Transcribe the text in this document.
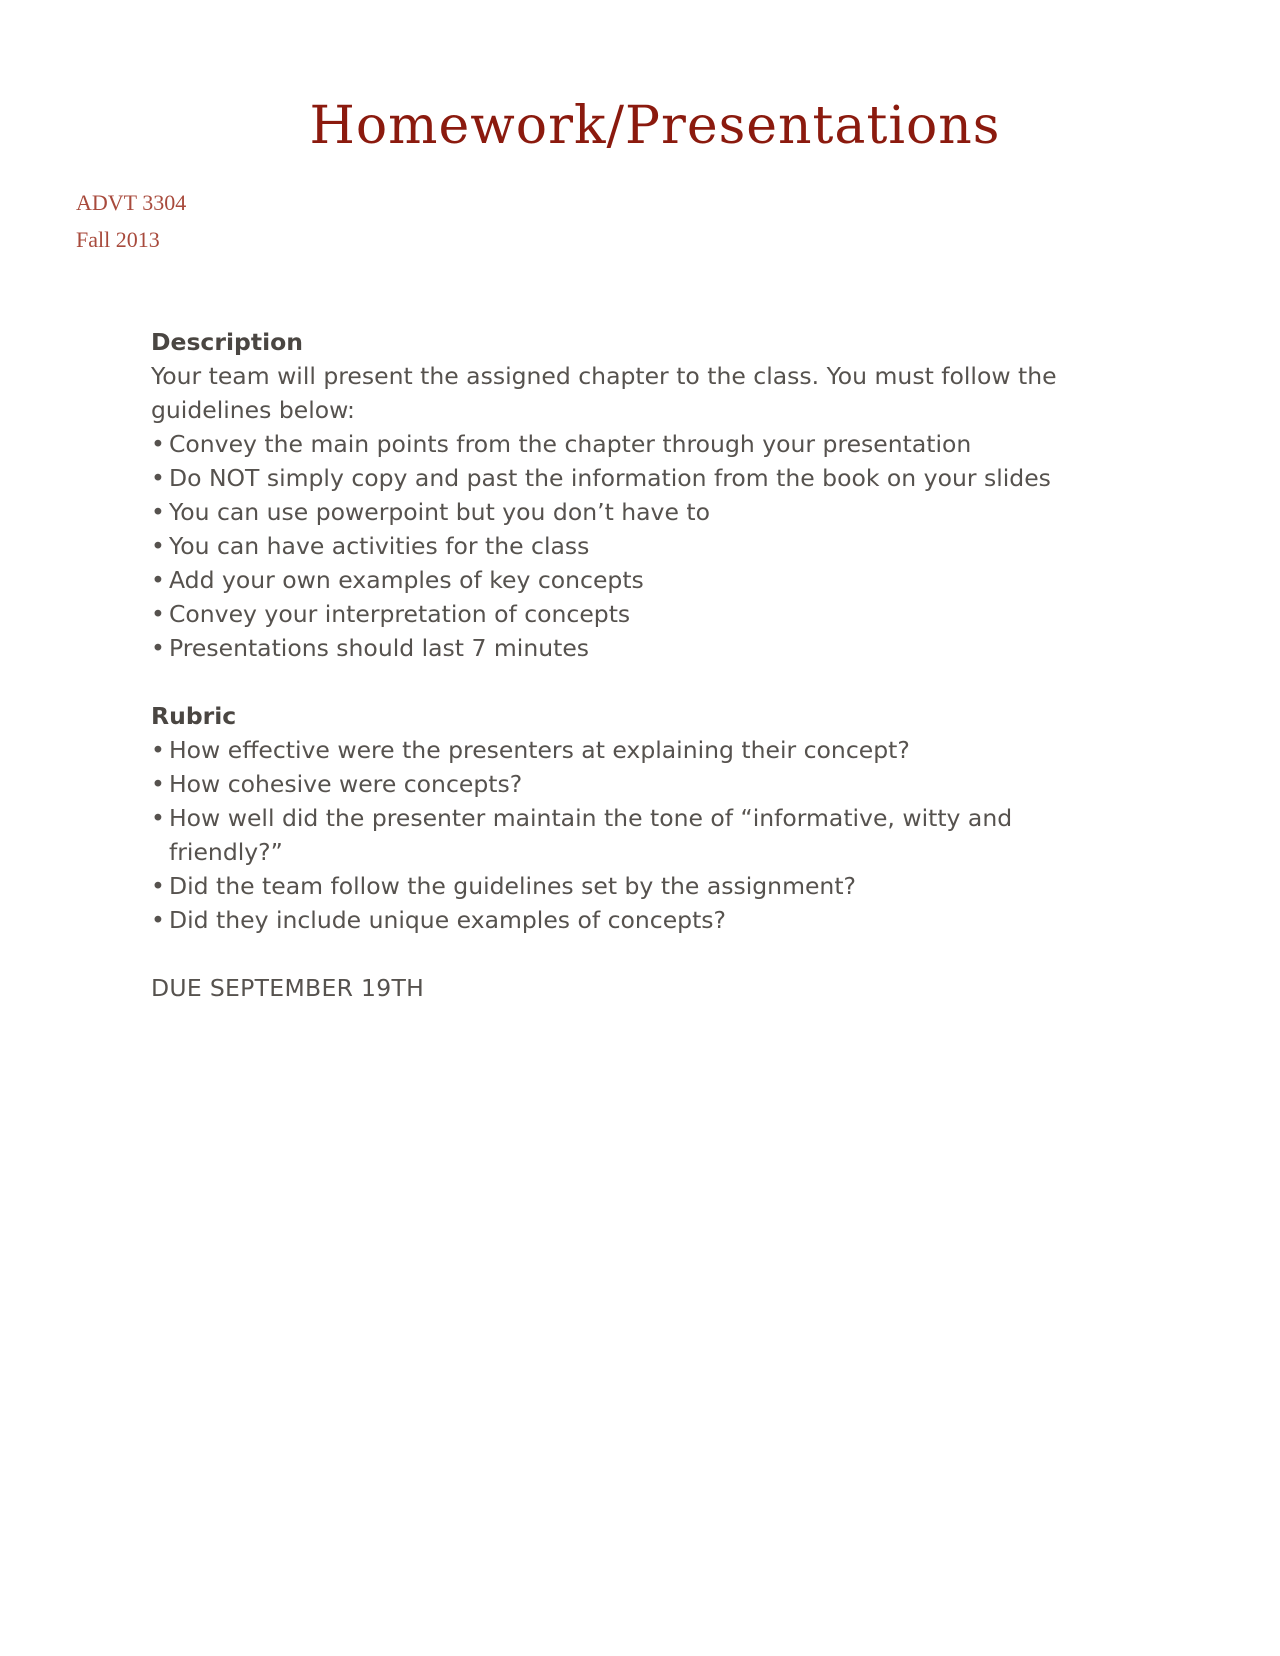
Homework/Presentations
ADVT 3304
Fall 2013
Description

Your team will present the assigned chapter to the class. You must follow the guidelines below:

• Convey the main points from the chapter through your presentation
• Do NOT simply copy and past the information from the book on your slides
• You can use powerpoint but you don’t have to
• You can have activities for the class
• Add your own examples of key concepts
• Convey your interpretation of concepts
• Presentations should last 7 minutes
Rubric
• How effective were the presenters at explaining their concept?
• How cohesive were concepts?
• How well did the presenter maintain the tone of “informative, witty and friendly?”
• Did the team follow the guidelines set by the assignment?
• Did they include unique examples of concepts?

DUE SEPTEMBER 19TH
